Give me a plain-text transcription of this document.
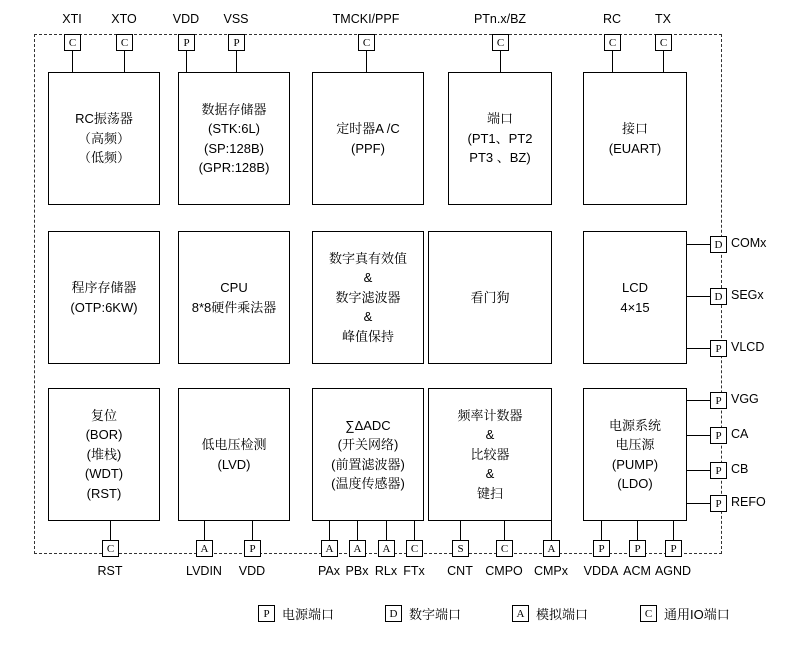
RC振荡器
（高频）
（低频）
数据存储器
(STK:6L)
(SP:128B)
(GPR:128B)
定时器A /C
(PPF)
端口
(PT1、PT2
PT3 、BZ)
接口
(EUART)
程序存储器
(OTP:6KW)
CPU
8*8硬件乘法器
数字真有效值
&
数字滤波器
&
峰值保持
看门狗
LCD
4×15
复位
(BOR)
(堆栈)
(WDT)
(RST)
低电压检测
(LVD)
∑ΔADC
(开关网络)
(前置滤波器)
(温度传感器)
频率计数器
&
比较器
&
键扫
电源系统
电压源
(PUMP)
(LDO)
C
XTI
C
XTO
P
VDD
P
VSS
C
TMCKI/PPF
C
PTn.x/BZ
C
RC
C
TX
C
RST
A
LVDIN
P
VDD
A
PAx
A
PBx
A
RLx
C
FTx
S
CNT
C
CMPO
A
CMPx
P
VDDA
P
ACM
P
AGND
D COMx
D SEGx
P VLCD
P VGG
P CA
P CB
P REFO
P 电源端口	D 数字端口	A 模拟端口	C 通用IO端口
